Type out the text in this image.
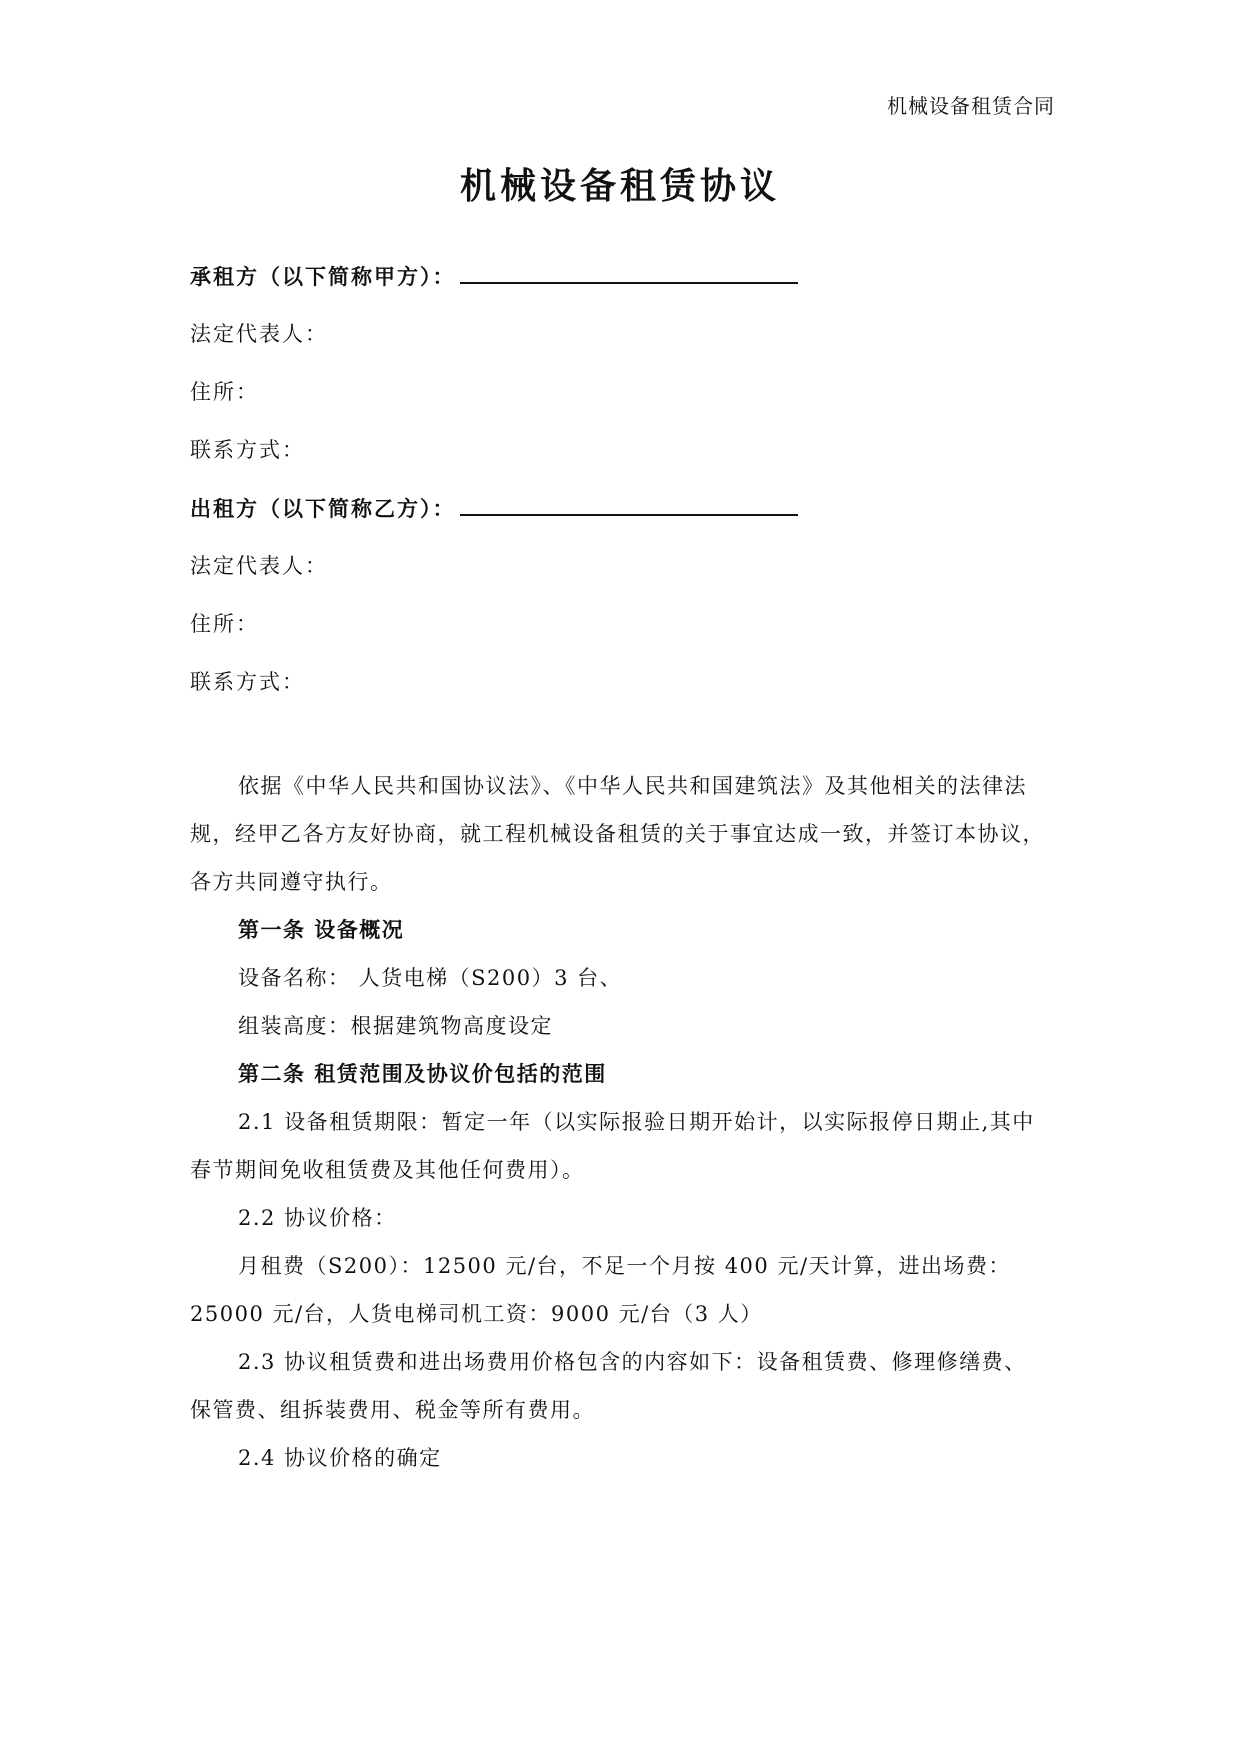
机械设备租赁合同
机械设备租赁协议
承租方（以下简称甲方）：
法定代表人：
住所：
联系方式：
出租方（以下简称乙方）：
法定代表人：
住所：
联系方式：

依据《中华人民共和国协议法》、《中华人民共和国建筑法》及其他相关的法律法规，经甲乙各方友好协商，就工程机械设备租赁的关于事宜达成一致，并签订本协议，各方共同遵守执行。

第一条 设备概况

设备名称： 人货电梯（S200）3 台、

组装高度：根据建筑物高度设定

第二条 租赁范围及协议价包括的范围

2.1 设备租赁期限：暂定一年（以实际报验日期开始计，以实际报停日期止,其中春节期间免收租赁费及其他任何费用）。

2.2 协议价格：

月租费（S200）：12500 元/台，不足一个月按 400 元/天计算，进出场费： 25000 元/台，人货电梯司机工资：9000 元/台（3 人）

2.3 协议租赁费和进出场费用价格包含的内容如下：设备租赁费、修理修缮费、保管费、组拆装费用、税金等所有费用。

2.4 协议价格的确定
